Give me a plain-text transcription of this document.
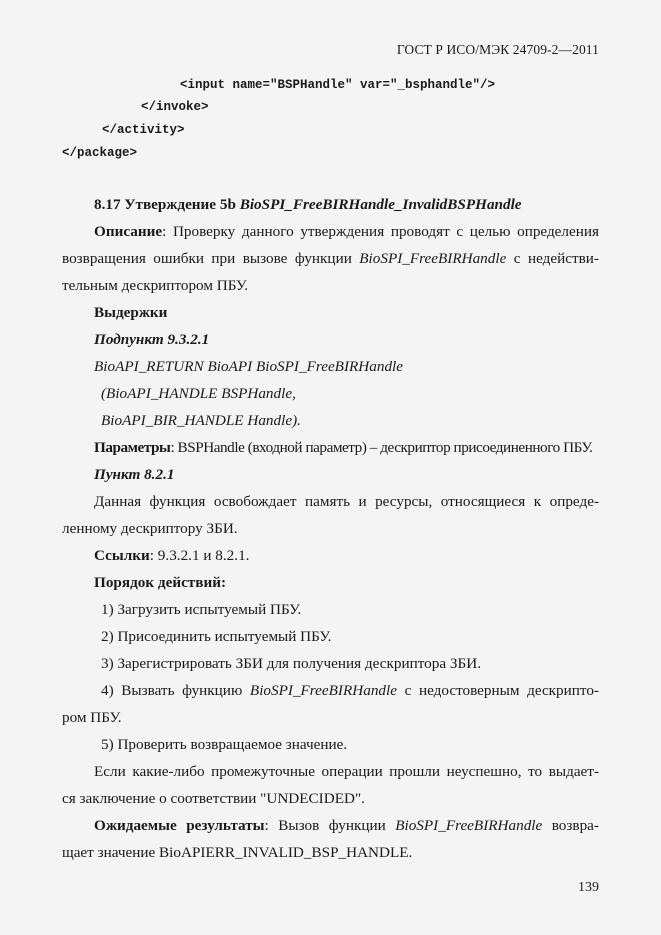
ГОСТ Р ИСО/МЭК 24709-2—2011
<input name="BSPHandle" var="_bsphandle"/>
</invoke>
</activity>
</package>
8.17 Утверждение 5b BioSPI_FreeBIRHandle_InvalidBSPHandle
Описание: Проверку данного утверждения проводят с целью определения
возвращения ошибки при вызове функции BioSPI_FreeBIRHandle с недействи-
тельным дескриптором ПБУ.
Выдержки
Подпункт 9.3.2.1
BioAPI_RETURN BioAPI BioSPI_FreeBIRHandle
(BioAPI_HANDLE BSPHandle,
BioAPI_BIR_HANDLE Handle).
Параметры: BSPHandle (входной параметр) – дескриптор присоединенного ПБУ.
Пункт 8.2.1
Данная функция освобождает память и ресурсы, относящиеся к опреде-
ленному дескриптору ЗБИ.
Ссылки: 9.3.2.1 и 8.2.1.
Порядок действий:
1) Загрузить испытуемый ПБУ.
2) Присоединить испытуемый ПБУ.
3) Зарегистрировать ЗБИ для получения дескриптора ЗБИ.
4) Вызвать функцию BioSPI_FreeBIRHandle с недостоверным дескрипто-
ром ПБУ.
5) Проверить возвращаемое значение.
Если какие-либо промежуточные операции прошли неуспешно, то выдает-
ся заключение о соответствии "UNDECIDED".
Ожидаемые результаты: Вызов функции BioSPI_FreeBIRHandle возвра-
щает значение BioAPIERR_INVALID_BSP_HANDLE.
139
